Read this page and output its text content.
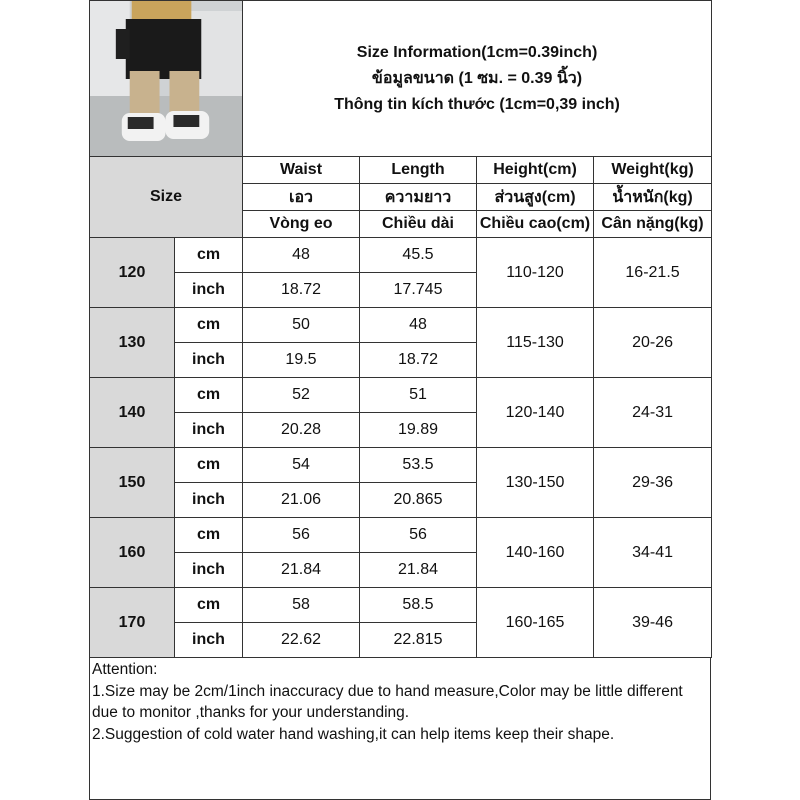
Size Information(1cm=0.39inch)
ข้อมูลขนาด (1 ซม. = 0.39 นิ้ว)
Thông tin kích thước (1cm=0,39 inch)			

Size		Waist	Length	Height(cm)	Weight(kg)
		เอว	ความยาว	ส่วนสูง(cm)	น้ำหนัก(kg)
		Vòng eo	Chiều dài	Chiều cao(cm)	Cân nặng(kg)
120	cm	48	45.5	110-120	16-21.5
	inch	18.72	17.745		
130	cm	50	48	115-130	20-26
	inch	19.5	18.72		
140	cm	52	51	120-140	24-31
	inch	20.28	19.89		
150	cm	54	53.5	130-150	29-36
	inch	21.06	20.865		
160	cm	56	56	140-160	34-41
	inch	21.84	21.84		
170	cm	58	58.5	160-165	39-46
	inch	22.62	22.815		
Attention:
1.Size may be 2cm/1inch inaccuracy due to hand measure,Color may be little different due to monitor ,thanks for your understanding.
2.Suggestion of cold water hand washing,it can help items keep their shape.
